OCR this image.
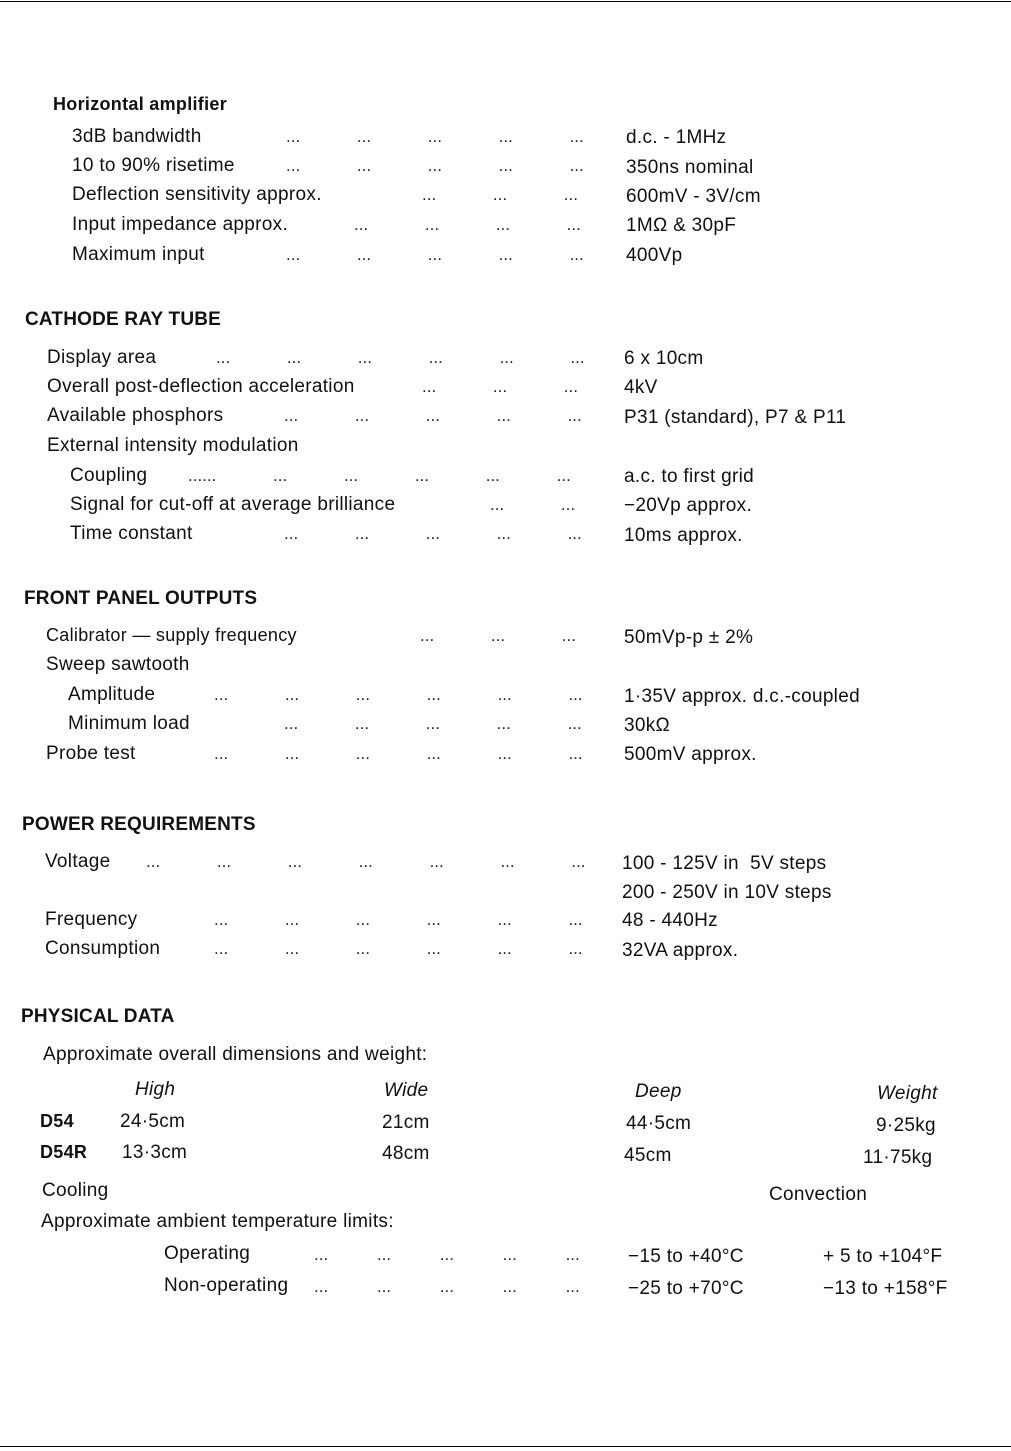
Horizontal amplifier
3dB bandwidth	... ... ... ... ... d.c. - 1MHz
10 to 90% risetime	... ... ... ... ... 350ns nominal
Deflection sensitivity approx.	... ... ...	600mV - 3V/cm
Input impedance approx.	... ... ... ... 1MΩ & 30pF
Maximum input	... ... ... ... ... 400Vp
CATHODE RAY TUBE
Display area	... ... ... ... ... ... 6 x 10cm
Overall post-deflection acceleration	... ... ... 4kV
Available phosphors	... ... ... ... ... P31 (standard), P7 & P11
External intensity modulation
Coupling ...... ... ... ... ... ...	a.c. to first grid
Signal for cut-off at average brilliance	... ...	−20Vp approx.
Time constant	... ... ... ... ... 10ms approx.
FRONT PANEL OUTPUTS
Calibrator — supply frequency	... ... ...	50mVp-p ± 2%
Sweep sawtooth
Amplitude	... ... ... ... ... ... 1·35V approx. d.c.-coupled
Minimum load	... ... ... ... ... 30kΩ
Probe test	... ... ... ... ... ... 500mV approx.
POWER REQUIREMENTS
Voltage ... ... ... ... ... ... ... 100 - 125V in  5V steps
200 - 250V in 10V steps
Frequency	... ... ... ... ... ... 48 - 440Hz
Consumption	... ... ... ... ... ... 32VA approx.
PHYSICAL DATA
Approximate overall dimensions and weight:
High	Wide	Deep	Weight
D54 24·5cm	21cm	44·5cm	9·25kg
D54R 13·3cm	48cm	45cm	11·75kg
Cooling	Convection
Approximate ambient temperature limits:
Operating	... ... ... ... ...	−15 to +40°C	+ 5 to +104°F
Non-operating ... ... ... ... ...	−25 to +70°C	−13 to +158°F
